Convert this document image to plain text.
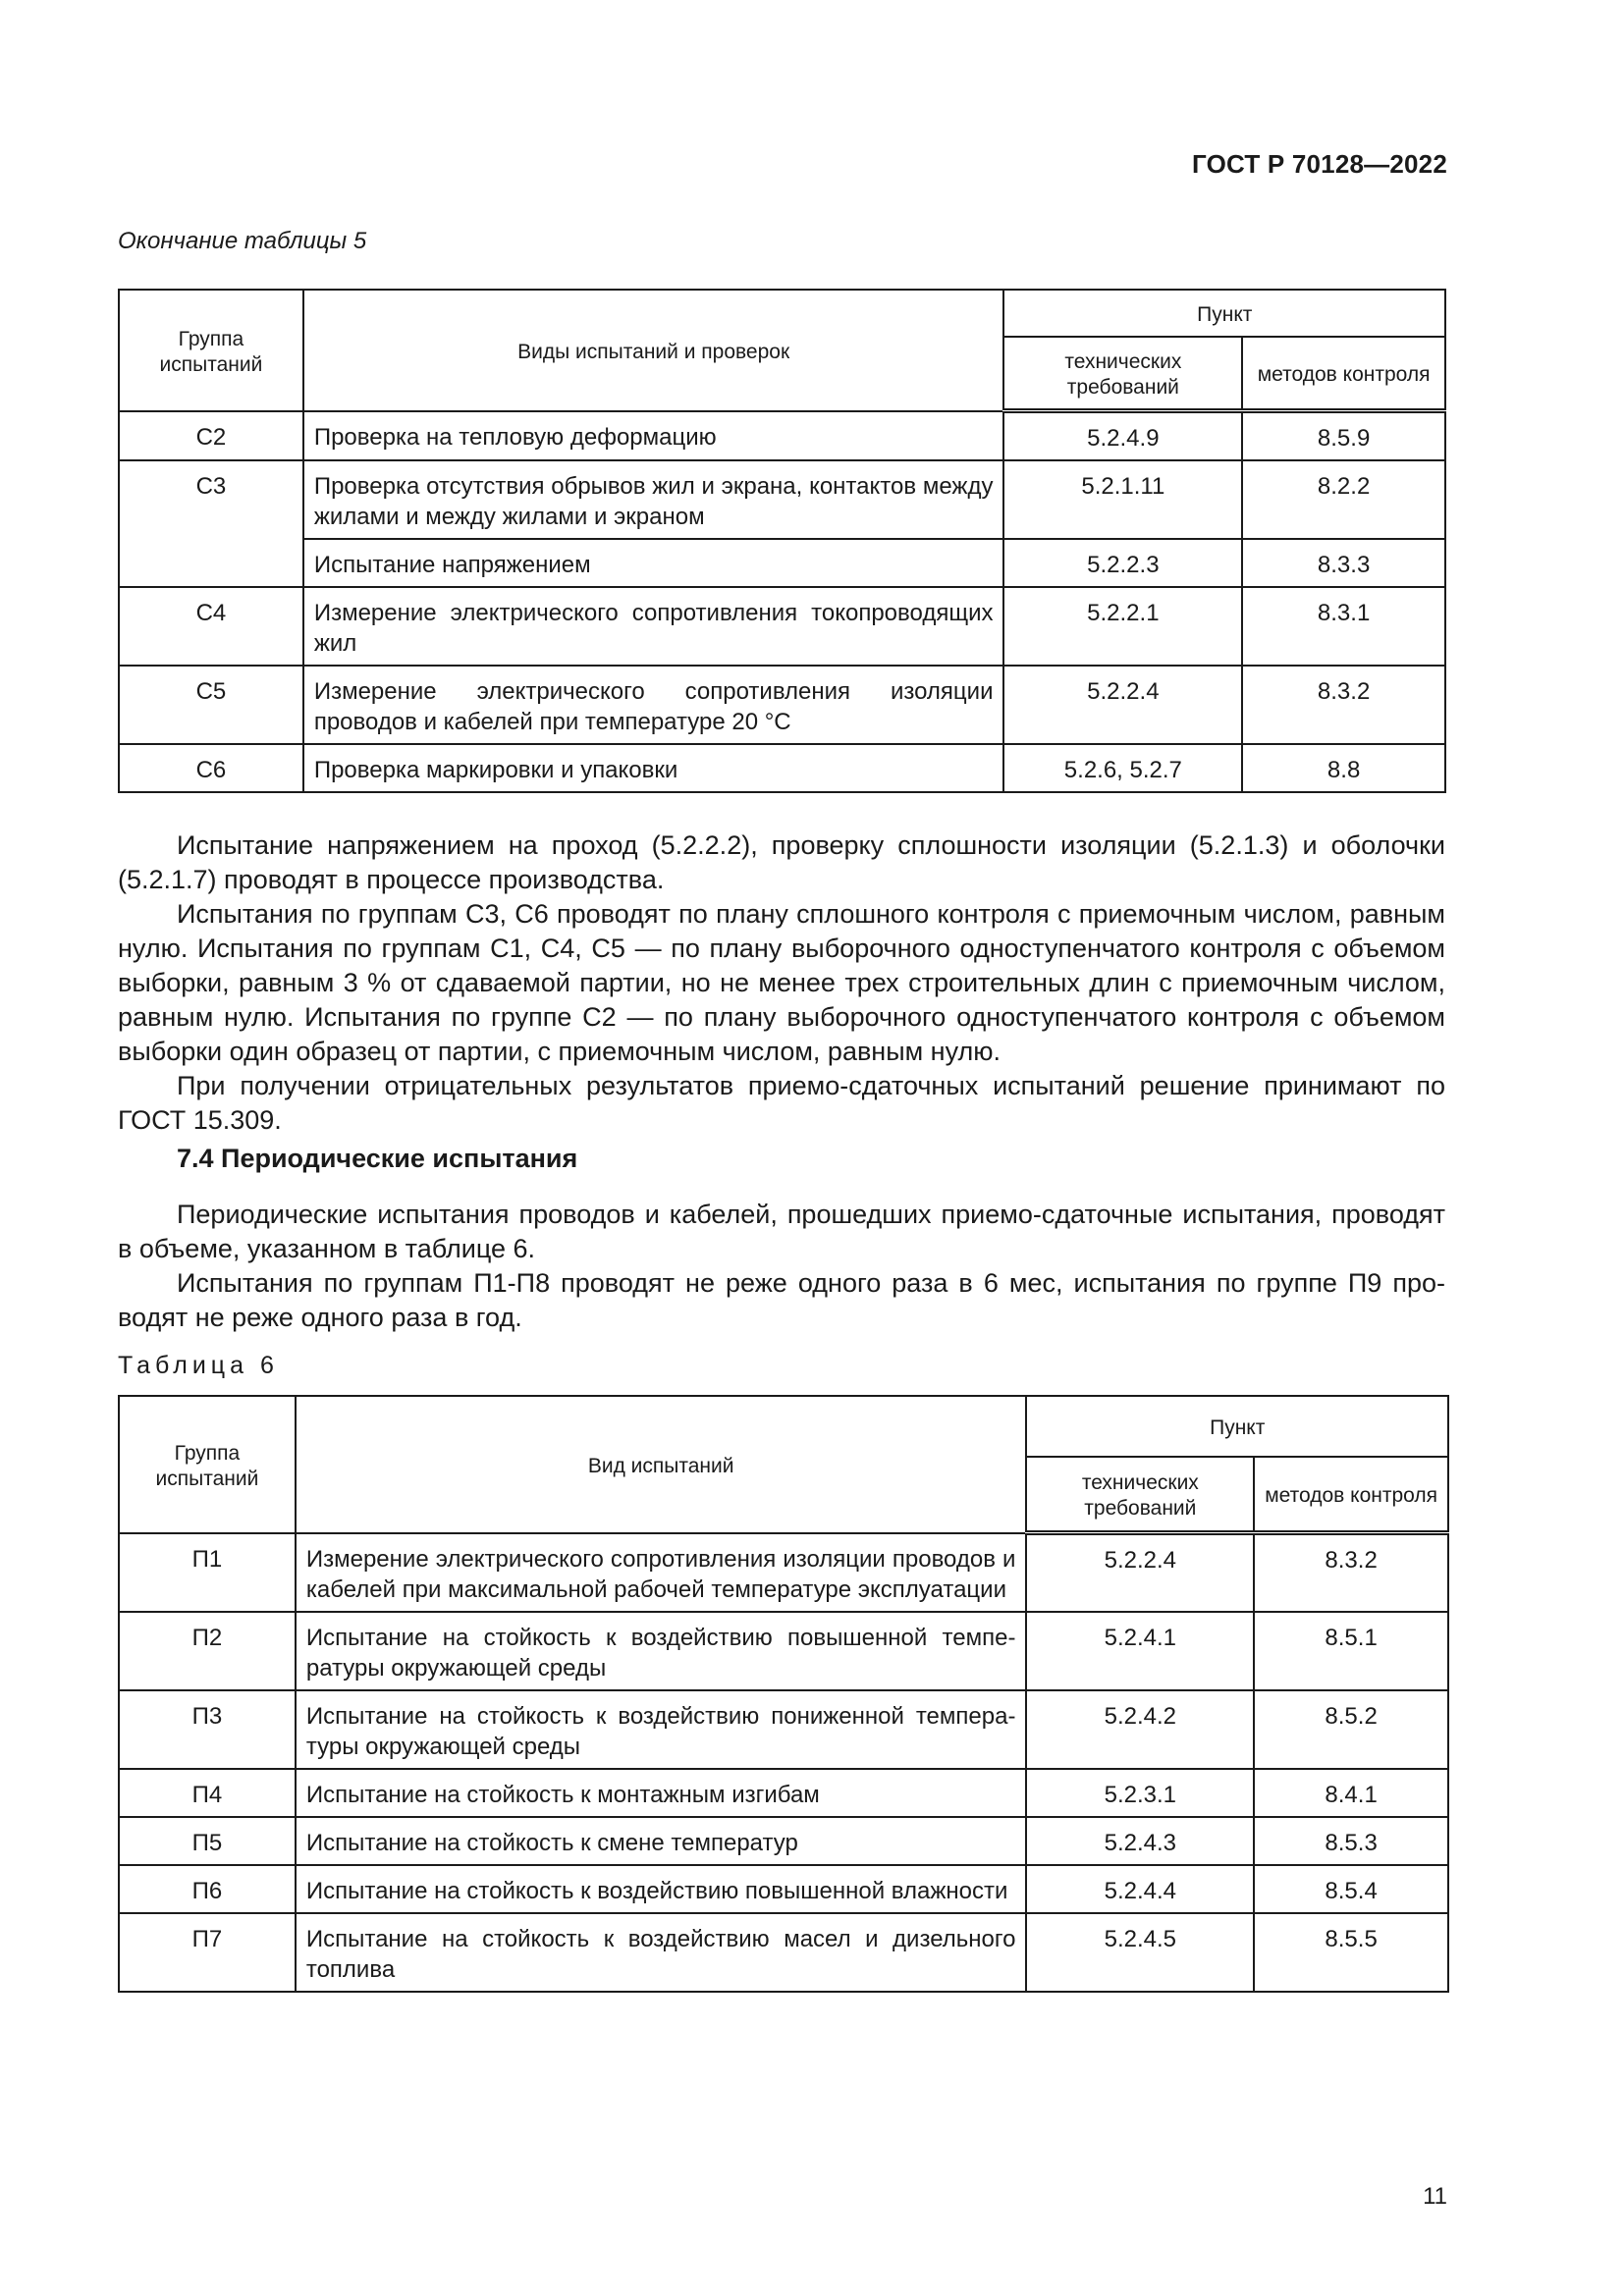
ГОСТ Р 70128—2022
Окончание таблицы 5
Группа испытаний	Виды испытаний и проверок	Пункт	
		технических требований	методов контроля
С2	Проверка на тепловую деформацию	5.2.4.9	8.5.9
С3	Проверка отсутствия обрывов жил и экрана, контактов между жилами и между жилами и экраном	5.2.1.11	8.2.2
	Испытание напряжением	5.2.2.3	8.3.3
С4	Измерение электрического сопротивления токопроводящих жил	5.2.2.1	8.3.1
С5	Измерение электрического сопротивления изоляции проводов и кабелей при температуре 20 °С	5.2.2.4	8.3.2
С6	Проверка маркировки и упаковки	5.2.6, 5.2.7	8.8

Испытание напряжением на проход (5.2.2.2), проверку сплошности изоляции (5.2.1.3) и оболочки (5.2.1.7) проводят в процессе производства.

Испытания по группам С3, С6 проводят по плану сплошного контроля с приемочным числом, равным нулю. Испытания по группам С1, С4, С5 — по плану выборочного одноступенчатого контроля с объемом выборки, равным 3 % от сдаваемой партии, но не менее трех строительных длин с приемочным числом, равным нулю. Испытания по группе С2 — по плану выборочного одноступенчатого контроля с объемом выборки один образец от партии, с приемочным числом, равным нулю.

При получении отрицательных результатов приемо-сдаточных испытаний решение принимают по ГОСТ 15.309.

7.4 Периодические испытания

Периодические испытания проводов и кабелей, прошедших приемо-сдаточные испытания, проводят в объеме, указанном в таблице 6.

Испытания по группам П1-П8 проводят не реже одного раза в 6 мес, испытания по группе П9 проводят не реже одного раза в год.

Таблица 6
Группа испытаний	Вид испытаний	Пункт	
		технических требований	методов контроля
П1	Измерение электрического сопротивления изоляции проводов и кабелей при максимальной рабочей температуре эксплуатации	5.2.2.4	8.3.2
П2	Испытание на стойкость к воздействию повышенной температуры окружающей среды	5.2.4.1	8.5.1
П3	Испытание на стойкость к воздействию пониженной температуры окружающей среды	5.2.4.2	8.5.2
П4	Испытание на стойкость к монтажным изгибам	5.2.3.1	8.4.1
П5	Испытание на стойкость к смене температур	5.2.4.3	8.5.3
П6	Испытание на стойкость к воздействию повышенной влажности	5.2.4.4	8.5.4
П7	Испытание на стойкость к воздействию масел и дизельного топлива	5.2.4.5	8.5.5
11
